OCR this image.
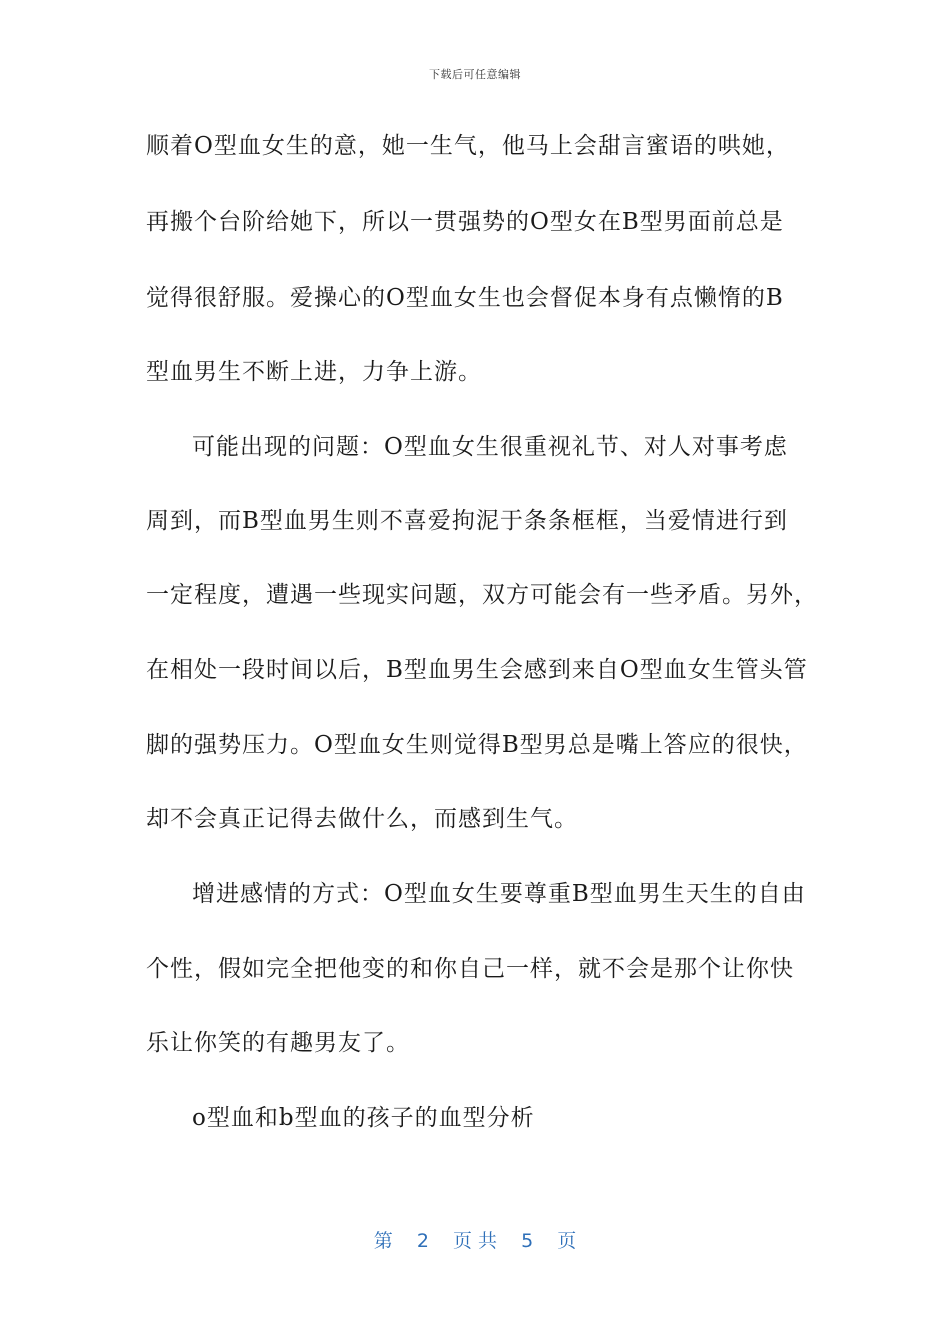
下载后可任意编辑
顺着O型血女生的意，她一生气，他马上会甜言蜜语的哄她，
再搬个台阶给她下，所以一贯强势的O型女在B型男面前总是
觉得很舒服。爱操心的O型血女生也会督促本身有点懒惰的B
型血男生不断上进，力争上游。
可能出现的问题：O型血女生很重视礼节、对人对事考虑
周到，而B型血男生则不喜爱拘泥于条条框框，当爱情进行到
一定程度，遭遇一些现实问题，双方可能会有一些矛盾。另外，
在相处一段时间以后，B型血男生会感到来自O型血女生管头管
脚的强势压力。O型血女生则觉得B型男总是嘴上答应的很快，
却不会真正记得去做什么，而感到生气。
增进感情的方式：O型血女生要尊重B型血男生天生的自由
个性，假如完全把他变的和你自己一样，就不会是那个让你快
乐让你笑的有趣男友了。
o型血和b型血的孩子的血型分析
第 2 页 共 5 页
